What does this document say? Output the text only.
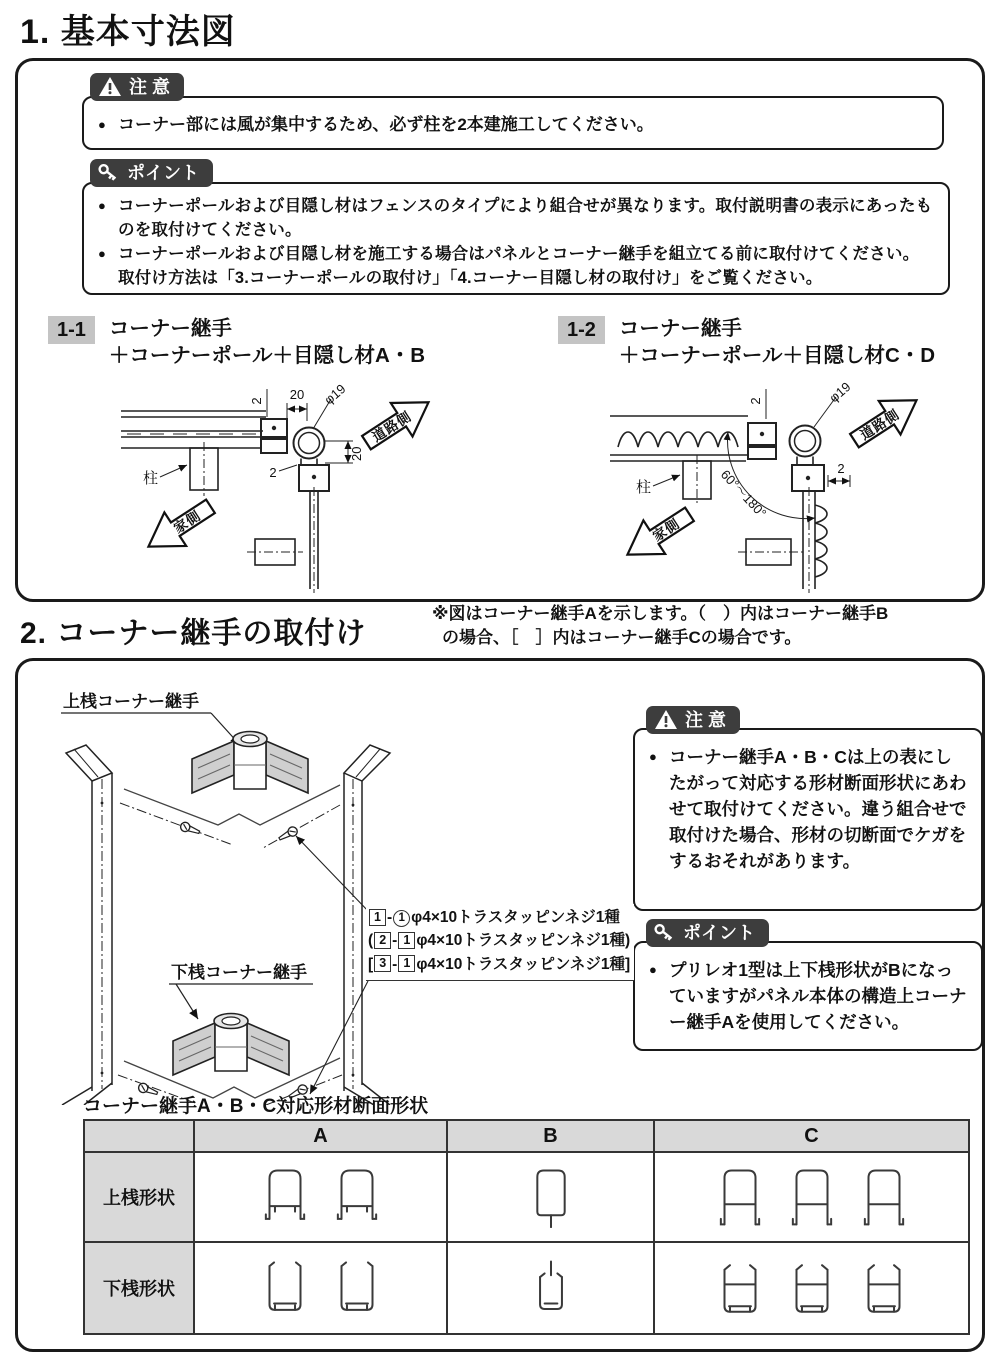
1. 基本寸法図
注 意
● コーナー部には風が集中するため、必ず柱を2本建施工してください。
ポイント
● コーナーポールおよび目隠し材はフェンスのタイプにより組合せが異なります。取付説明書の表示にあったものを取付けてください。
● コーナーポールおよび目隠し材を施工する場合はパネルとコーナー継手を組立てる前に取付けてください。取付け方法は「3.コーナーポールの取付け」「4.コーナー目隠し材の取付け」をご覧ください。
1-1	コーナー継手
＋コーナーポール＋目隠し材A・B
1-2	コーナー継手
＋コーナーポール＋目隠し材C・D
2 20 φ19
20
2
柱
道路側
家側
2	φ19
2
60°～180°
柱
道路側
家側
2. コーナー継手の取付け
※図はコーナー継手Aを示します。（　）内はコーナー継手B
の場合、［　］内はコーナー継手Cの場合です。
上桟コーナー継手
下桟コーナー継手
1 - 1 φ4×10トラスタッピンネジ1種
( 2 - 1 φ4×10トラスタッピンネジ1種)
[ 3 - 1 φ4×10トラスタッピンネジ1種]
注 意
● コーナー継手A・B・Cは上の表にしたがって対応する形材断面形状にあわせて取付けてください。違う組合せで取付けた場合、形材の切断面でケガをするおそれがあります。
ポイント
● プリレオ1型は上下桟形状がBになっていますがパネル本体の構造上コーナー継手Aを使用してください。
コーナー継手A・B・C対応形材断面形状
	A	B	C
上桟形状	

下桟形状	
